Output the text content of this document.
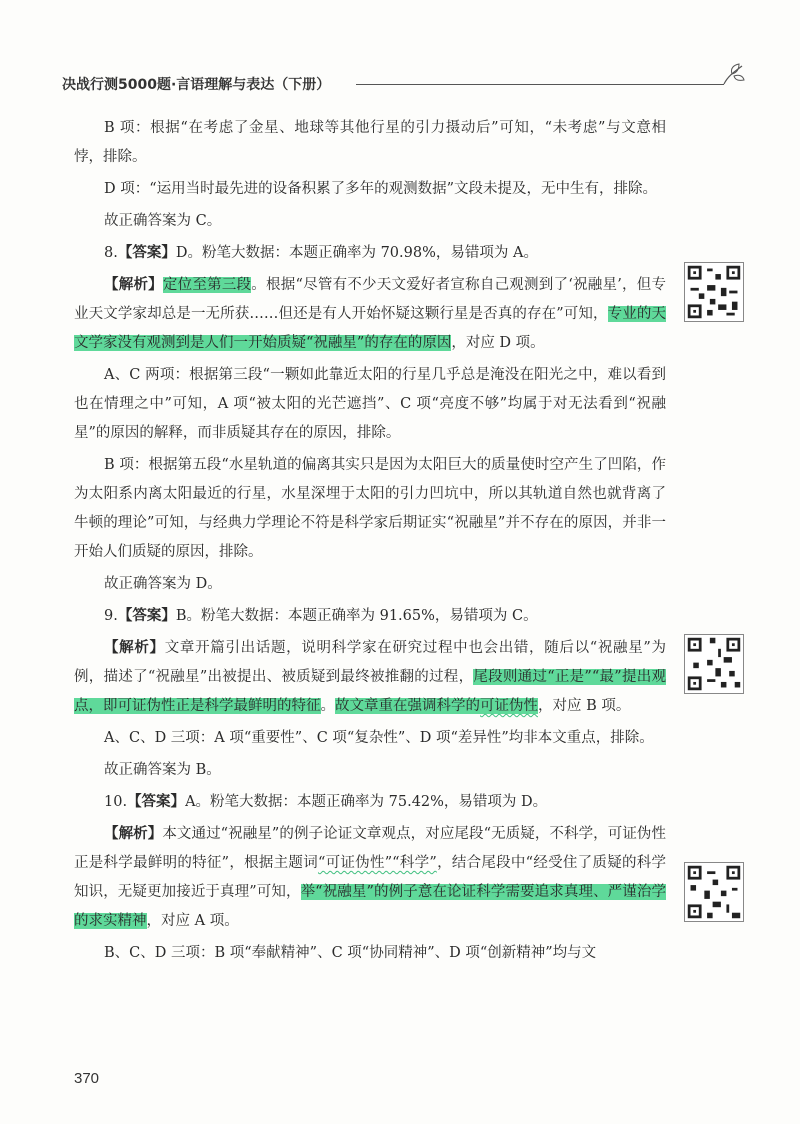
决战行测5000题·言语理解与表达（下册）

B 项：根据“在考虑了金星、地球等其他行星的引力摄动后”可知，“未考虑”与文意相悖，排除。

D 项：“运用当时最先进的设备积累了多年的观测数据”文段未提及，无中生有，排除。

故正确答案为 C。

8.【答案】D。粉笔大数据：本题正确率为 70.98%，易错项为 A。

【解析】定位至第三段。根据“尽管有不少天文爱好者宣称自己观测到了‘祝融星’，但专业天文学家却总是一无所获……但还是有人开始怀疑这颗行星是否真的存在”可知，专业的天文学家没有观测到是人们一开始质疑“祝融星”的存在的原因，对应 D 项。

A、C 两项：根据第三段“一颗如此靠近太阳的行星几乎总是淹没在阳光之中，难以看到也在情理之中”可知，A 项“被太阳的光芒遮挡”、C 项“亮度不够”均属于对无法看到“祝融星”的原因的解释，而非质疑其存在的原因，排除。

B 项：根据第五段“水星轨道的偏离其实只是因为太阳巨大的质量使时空产生了凹陷，作为太阳系内离太阳最近的行星，水星深埋于太阳的引力凹坑中，所以其轨道自然也就背离了牛顿的理论”可知，与经典力学理论不符是科学家后期证实“祝融星”并不存在的原因，并非一开始人们质疑的原因，排除。

故正确答案为 D。

9.【答案】B。粉笔大数据：本题正确率为 91.65%，易错项为 C。

【解析】文章开篇引出话题，说明科学家在研究过程中也会出错，随后以“祝融星”为例，描述了“祝融星”出被提出、被质疑到最终被推翻的过程，尾段则通过“正是”“最”提出观点，即可证伪性正是科学最鲜明的特征。故文章重在强调科学的可证伪性，对应 B 项。

A、C、D 三项：A 项“重要性”、C 项“复杂性”、D 项“差异性”均非本文重点，排除。

故正确答案为 B。

10.【答案】A。粉笔大数据：本题正确率为 75.42%，易错项为 D。

【解析】本文通过“祝融星”的例子论证文章观点，对应尾段“无质疑，不科学，可证伪性正是科学最鲜明的特征”，根据主题词“可证伪性”“科学”，结合尾段中“经受住了质疑的科学知识，无疑更加接近于真理”可知，举“祝融星”的例子意在论证科学需要追求真理、严谨治学的求实精神，对应 A 项。

B、C、D 三项：B 项“奉献精神”、C 项“协同精神”、D 项“创新精神”均与文

370
